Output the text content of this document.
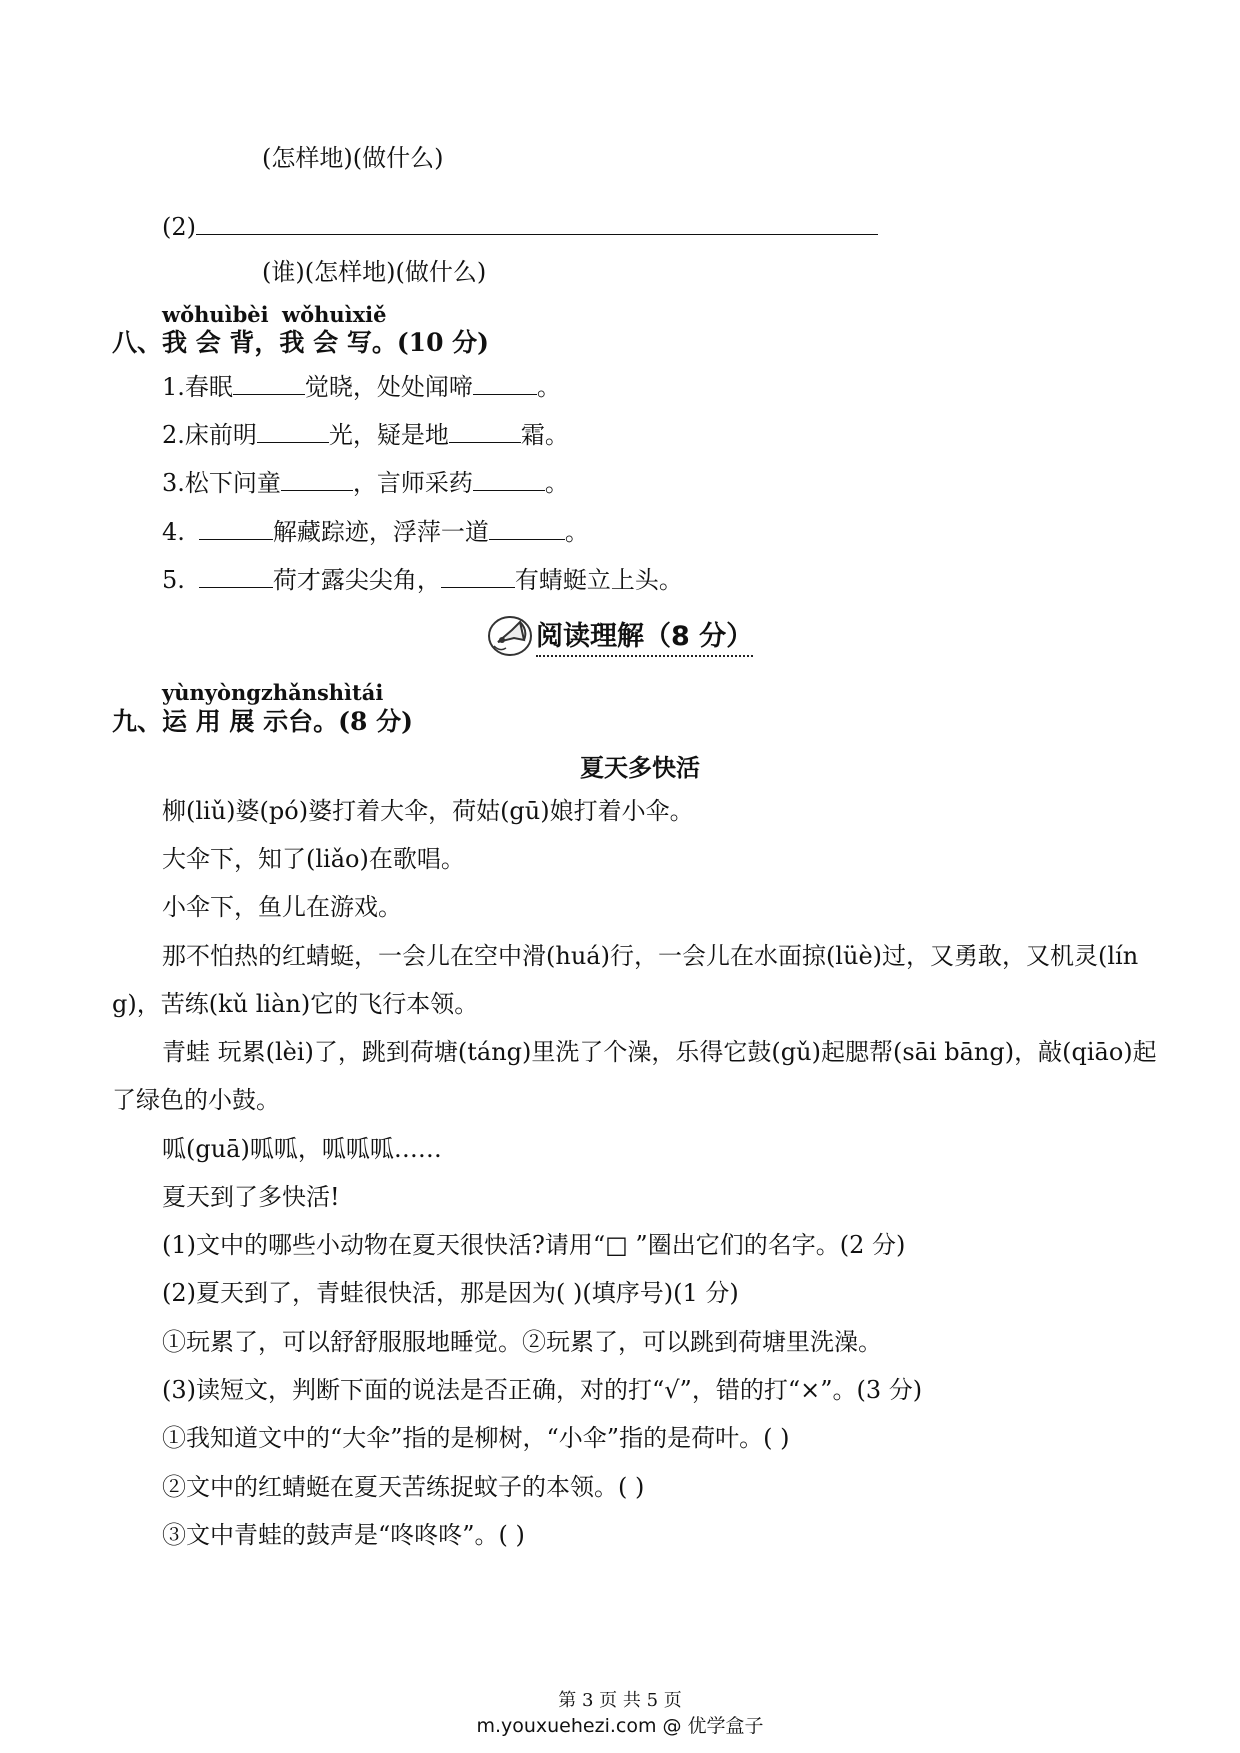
(怎样地)(做什么)
(2)
(谁)(怎样地)(做什么)
wǒhuìbèi wǒhuìxiě
八、我 会 背，我 会 写。(10 分)
1.春眠	觉晓，处处闻啼	。
2.床前明	光，疑是地	霜。
3.松下问童	，言师采药	。
4.	解藏踪迹，浮萍一道	。
5.	荷才露尖尖角，	有蜻蜓立上头。
阅读理解（8 分）
yùnyòngzhǎnshìtái
九、运 用 展 示台。(8 分)
夏天多快活
柳(liǔ)婆(pó)婆打着大伞，荷姑(gū)娘打着小伞。
大伞下，知了(liǎo)在歌唱。
小伞下，鱼儿在游戏。
那不怕热的红蜻蜓，一会儿在空中滑(huá)行，一会儿在水面掠(lüè)过，又勇敢，又机灵(lín
g)，苦练(kǔ liàn)它的飞行本领。
青蛙 玩累(lèi)了，跳到荷塘(táng)里洗了个澡，乐得它鼓(gǔ)起腮帮(sāi bāng)，敲(qiāo)起
了绿色的小鼓。
呱(guā)呱呱，呱呱呱……
夏天到了多快活!
(1)文中的哪些小动物在夏天很快活?请用“□ ”圈出它们的名字。(2 分)
(2)夏天到了，青蛙很快活，那是因为( )(填序号)(1 分)
①玩累了，可以舒舒服服地睡觉。②玩累了，可以跳到荷塘里洗澡。
(3)读短文，判断下面的说法是否正确，对的打“√”，错的打“×”。(3 分)
①我知道文中的“大伞”指的是柳树，“小伞”指的是荷叶。( )
②文中的红蜻蜓在夏天苦练捉蚊子的本领。( )
③文中青蛙的鼓声是“咚咚咚”。( )
第 3 页 共 5 页
m.youxuehezi.com @ 优学盒子
